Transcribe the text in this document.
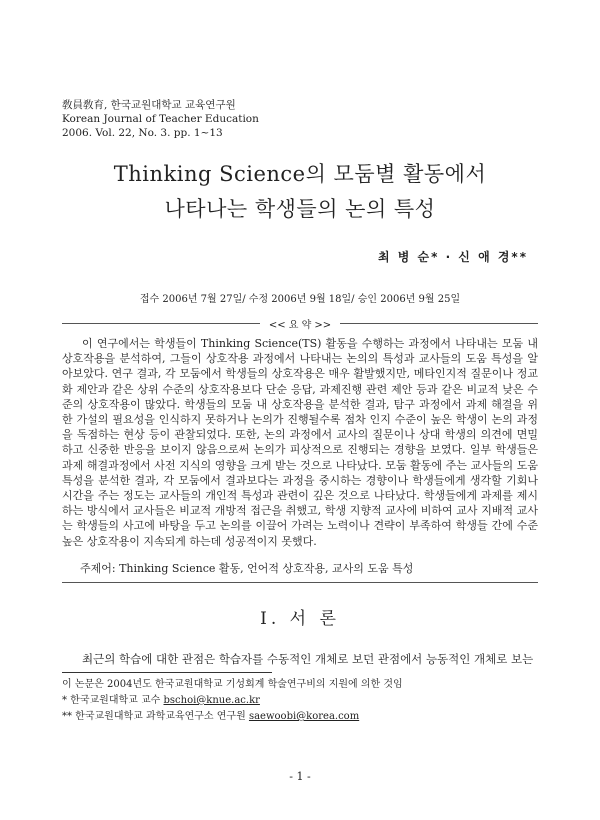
敎員敎育, 한국교원대학교 교육연구원
Korean Journal of Teacher Education
2006. Vol. 22, No. 3. pp. 1~13
Thinking Science의 모둠별 활동에서
나타나는 학생들의 논의 특성
최 병 순* · 신 애 경**
접수 2006년 7월 27일/ 수정 2006년 9월 18일/ 승인 2006년 9월 25일
<< 요 약 >>

이 연구에서는 학생들이 Thinking Science(TS) 활동을 수행하는 과정에서 나타내는 모둠 내 상호작용을 분석하여, 그들이 상호작용 과정에서 나타내는 논의의 특성과 교사들의 도움 특성을 알아보았다. 연구 결과, 각 모둠에서 학생들의 상호작용은 매우 활발했지만, 메타인지적 질문이나 정교화 제안과 같은 상위 수준의 상호작용보다 단순 응답, 과제진행 관련 제안 등과 같은 비교적 낮은 수준의 상호작용이 많았다. 학생들의 모둠 내 상호작용을 분석한 결과, 탐구 과정에서 과제 해결을 위한 가설의 필요성을 인식하지 못하거나 논의가 진행될수록 점차 인지 수준이 높은 학생이 논의 과정을 독점하는 현상 등이 관찰되었다. 또한, 논의 과정에서 교사의 질문이나 상대 학생의 의견에 면밀하고 신중한 반응을 보이지 않음으로써 논의가 피상적으로 진행되는 경향을 보였다. 일부 학생들은 과제 해결과정에서 사전 지식의 영향을 크게 받는 것으로 나타났다. 모둠 활동에 주는 교사들의 도움 특성을 분석한 결과, 각 모둠에서 결과보다는 과정을 중시하는 경향이나 학생들에게 생각할 기회나 시간을 주는 정도는 교사들의 개인적 특성과 관련이 깊은 것으로 나타났다. 학생들에게 과제를 제시하는 방식에서 교사들은 비교적 개방적 접근을 취했고, 학생 지향적 교사에 비하여 교사 지배적 교사는 학생들의 사고에 바탕을 두고 논의를 이끌어 가려는 노력이나 견략이 부족하여 학생들 간에 수준 높은 상호작용이 지속되게 하는데 성공적이지 못했다.

주제어: Thinking Science 활동, 언어적 상호작용, 교사의 도움 특성
I. 서 론

최근의 학습에 대한 관점은 학습자를 수동적인 개체로 보던 관점에서 능동적인 개체로 보는

이 논문은 2004년도 한국교원대학교 기성회계 학술연구비의 지원에 의한 것임
* 한국교원대학교 교수 bschoi@knue.ac.kr
** 한국교원대학교 과학교육연구소 연구원 saewoobi@korea.com
- 1 -
